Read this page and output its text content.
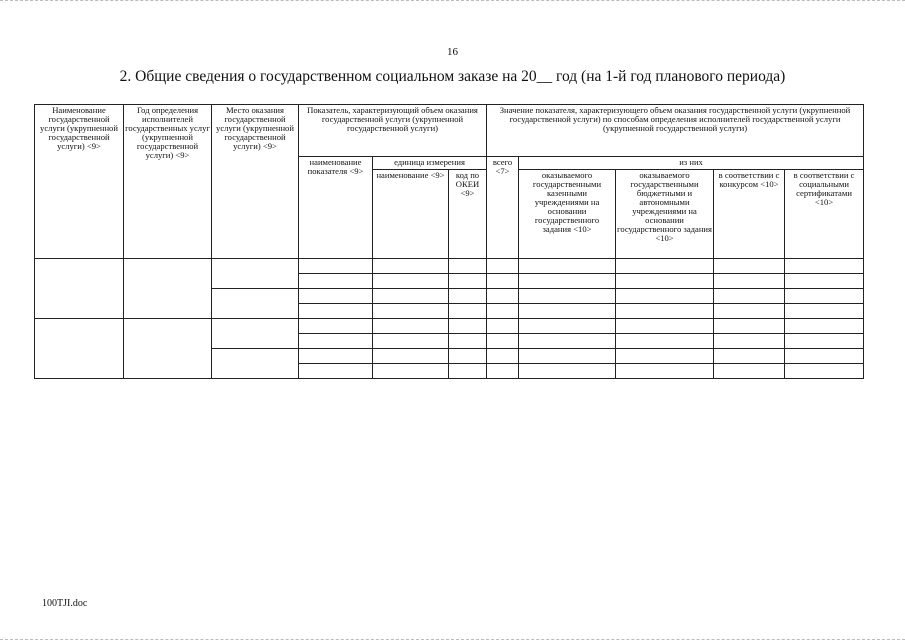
16
2. Общие сведения о государственном социальном заказе на 20__ год (на 1-й год планового периода)
Наименование государственной услуги (укрупненной государственной услуги) <9>	Год определения исполнителей государственных услуг (укрупненной государственной услуги) <9>	Место оказания государственной услуги (укрупненной государственной услуги) <9>	Показатель, характеризующий объем оказания государственной услуги (укрупненной государственной услуги)			Значение показателя, характеризующего объем оказания государственной услуги (укрупненной государственной услуги) по способам определения исполнителей государственной услуги (укрупненной государственной услуги)				
			наименование показателя <9>	единица измерения		всего <7>	из них			
				наименование <9>	код по ОКЕИ <9>		оказываемого государственными казенными учреждениями на основании государственного задания <10>	оказываемого государственными бюджетными и автономными учреждениями на основании государственного задания <10>	в соответствии с конкурсом <10>	в соответствии с социальными сертификатами <10>

100TJI.doc
